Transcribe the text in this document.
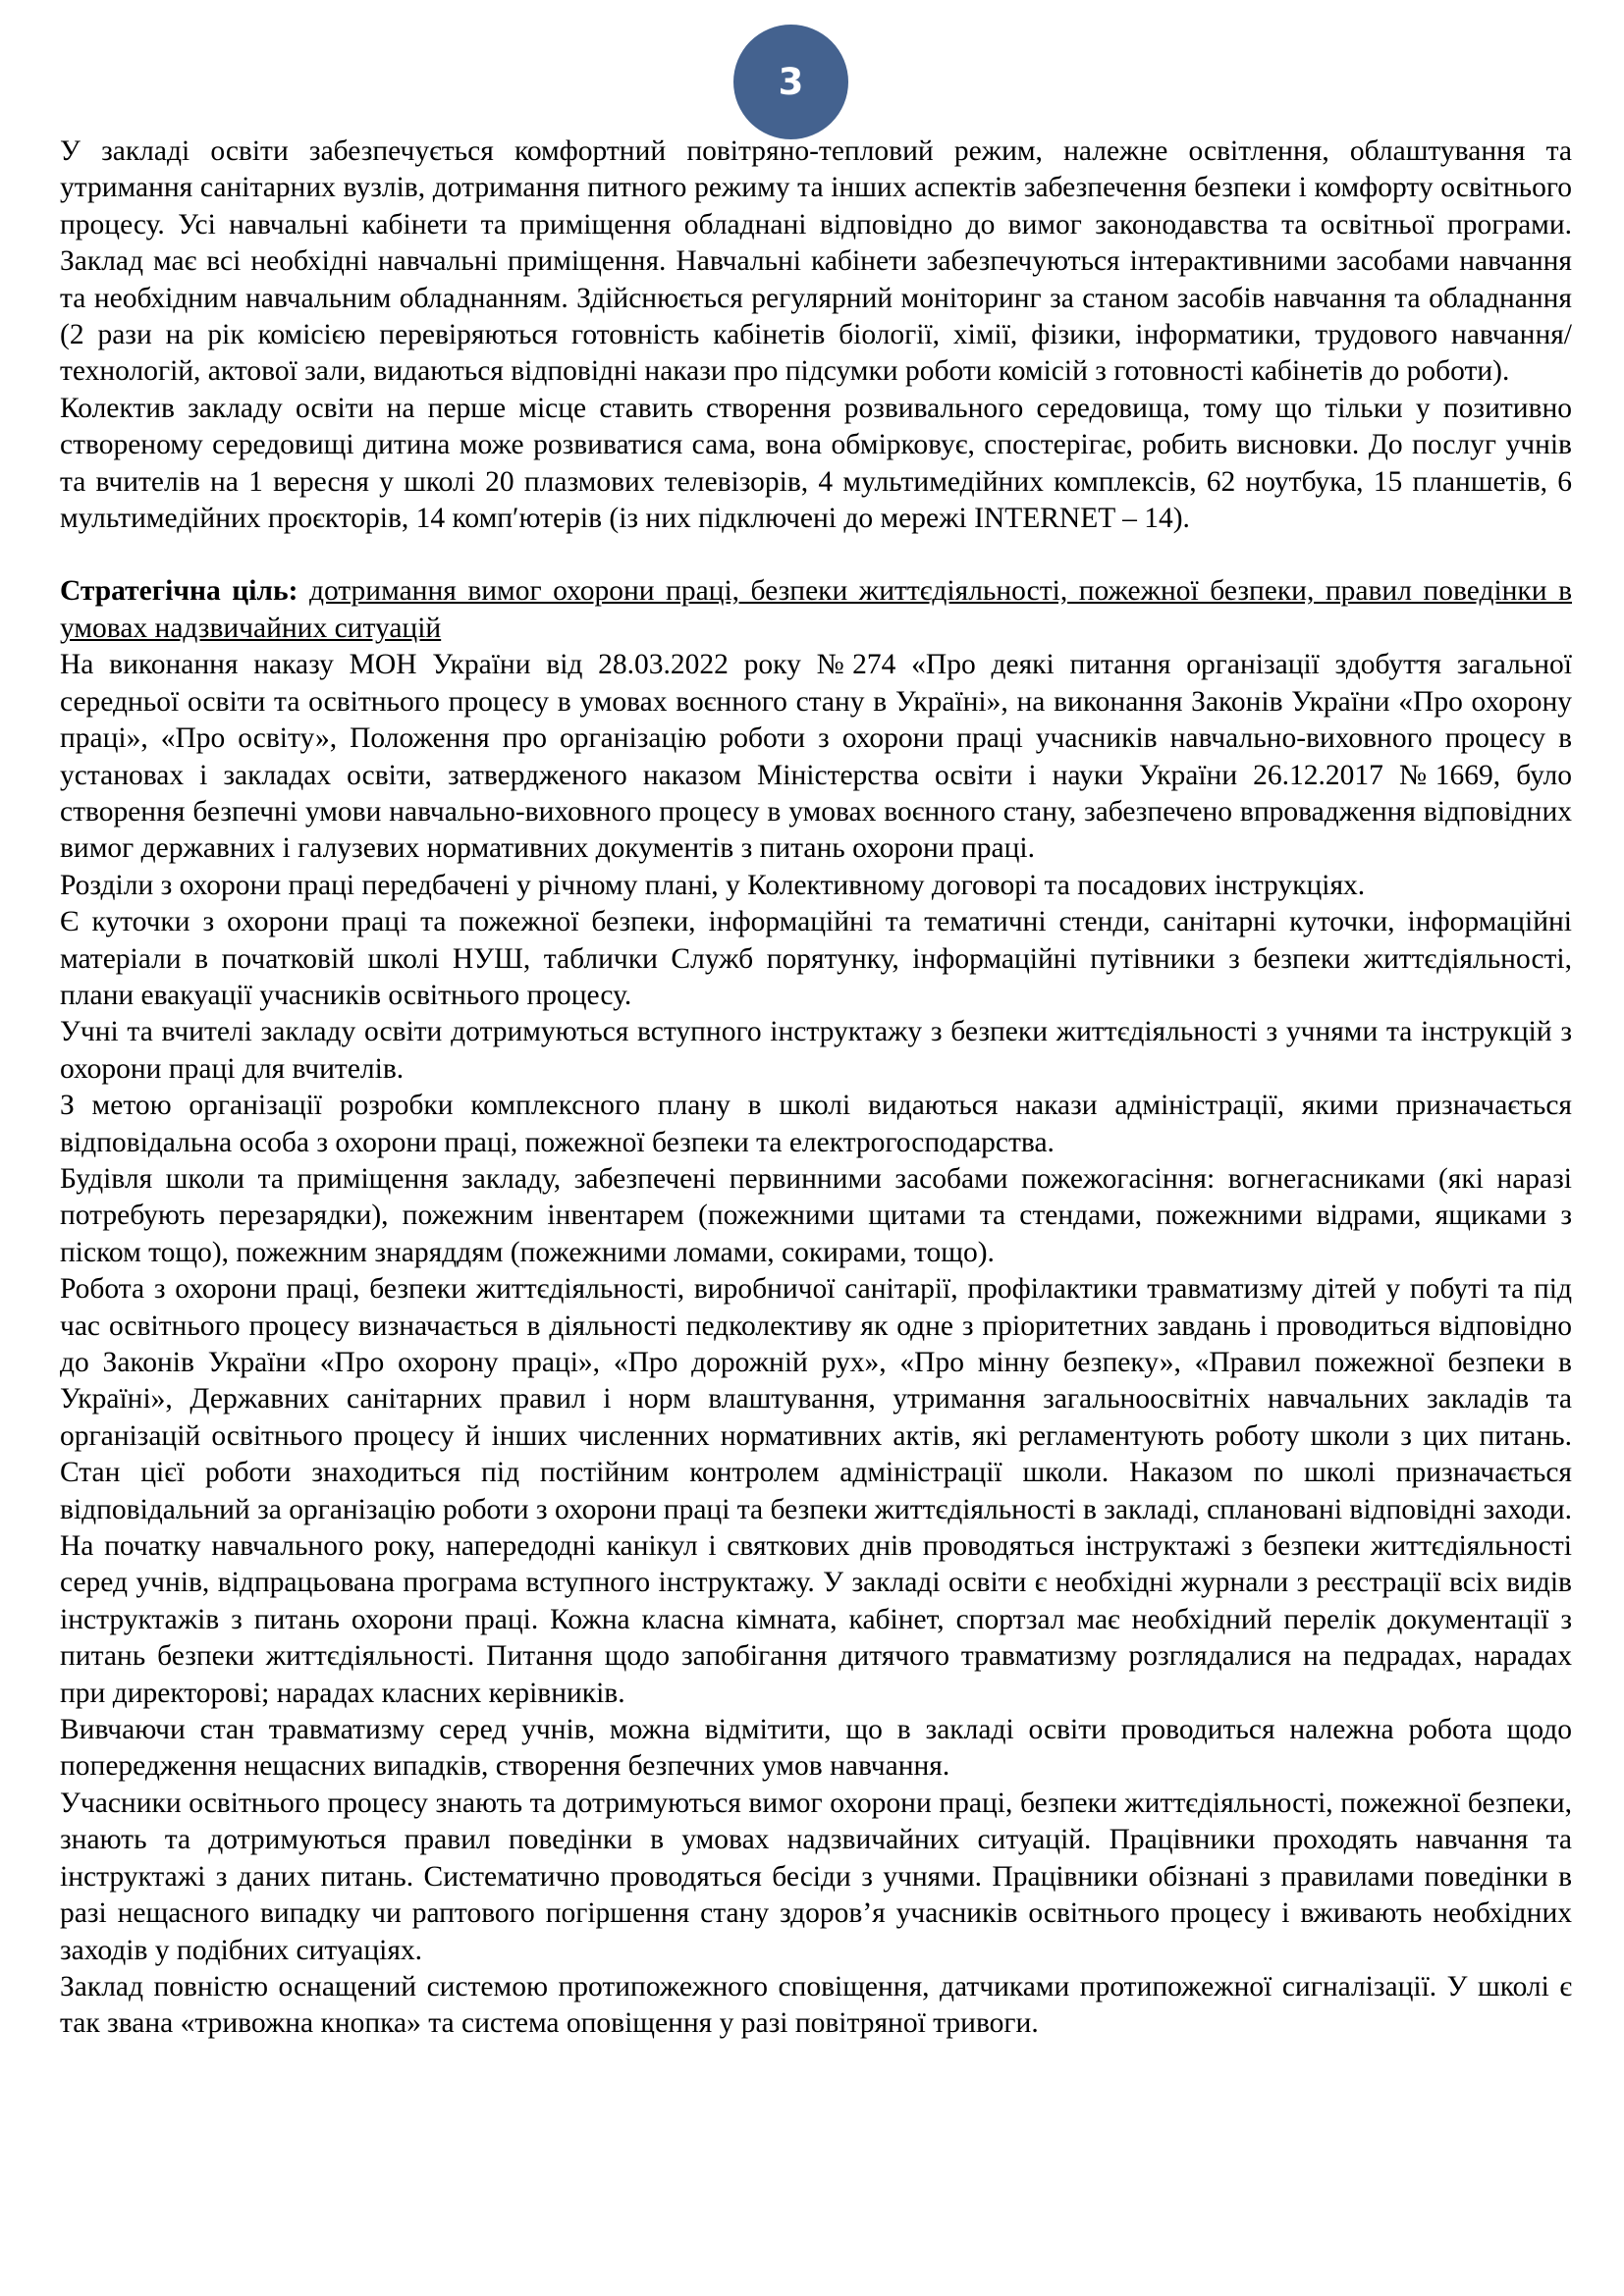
3

У закладі освіти забезпечується комфортний повітряно-тепловий режим, належне освітлення, облаштування та утримання санітарних вузлів, дотримання питного режиму та інших аспектів забезпечення безпеки і комфорту освітнього процесу. Усі навчальні кабінети та приміщення обладнані відповідно до вимог законодавства та освітньої програми. Заклад має всі необхідні навчальні приміщення. Навчальні кабінети забезпечуються інтерактивними засобами навчання та необхідним навчальним обладнанням. Здійснюється регулярний моніторинг за станом засобів навчання та обладнання (2 рази на рік комісією перевіряються готовність кабінетів біології, хімії, фізики, інформатики, трудового навчання/технологій, актової зали, видаються відповідні накази про підсумки роботи комісій з готовності кабінетів до роботи).

Колектив закладу освіти на перше місце ставить створення розвивального середовища, тому що тільки у позитивно створеному середовищі дитина може розвиватися сама, вона обмірковує, спостерігає, робить висновки. До послуг учнів та вчителів на 1 вересня у школі 20 плазмових телевізорів, 4 мультимедійних комплексів, 62 ноутбука, 15 планшетів, 6 мультимедійних проєкторів, 14 комп′ютерів (із них підключені до мережі INTERNET – 14).

Стратегічна ціль: дотримання вимог охорони праці, безпеки життєдіяльності, пожежної безпеки, правил поведінки в умовах надзвичайних ситуацій

На виконання наказу МОН України від 28.03.2022 року №274 «Про деякі питання організації здобуття загальної середньої освіти та освітнього процесу в умовах воєнного стану в Україні», на виконання Законів України «Про охорону праці», «Про освіту», Положення про організацію роботи з охорони праці учасників навчально-виховного процесу в установах і закладах освіти, затвердженого наказом Міністерства освіти і науки України 26.12.2017 №1669, було створення безпечні умови навчально-виховного процесу в умовах воєнного стану, забезпечено впровадження відповідних вимог державних і галузевих нормативних документів з питань охорони праці.

Розділи з охорони праці передбачені у річному плані, у Колективному договорі та посадових інструкціях.

Є куточки з охорони праці та пожежної безпеки, інформаційні та тематичні стенди, санітарні куточки, інформаційні матеріали в початковій школі НУШ, таблички Служб порятунку, інформаційні путівники з безпеки життєдіяльності, плани евакуації учасників освітнього процесу.

Учні та вчителі закладу освіти дотримуються вступного інструктажу з безпеки життєдіяльності з учнями та інструкцій з охорони праці для вчителів.

З метою організації розробки комплексного плану в школі видаються накази адміністрації, якими призначається відповідальна особа з охорони праці, пожежної безпеки та електрогосподарства.

Будівля школи та приміщення закладу, забезпечені первинними засобами пожежогасіння: вогнегасниками (які наразі потребують перезарядки), пожежним інвентарем (пожежними щитами та стендами, пожежними відрами, ящиками з піском тощо), пожежним знаряддям (пожежними ломами, сокирами, тощо).

Робота з охорони праці, безпеки життєдіяльності, виробничої санітарії, профілактики травматизму дітей у побуті та під час освітнього процесу визначається в діяльності педколективу як одне з пріоритетних завдань і проводиться відповідно до Законів України «Про охорону праці», «Про дорожній рух», «Про мінну безпеку», «Правил пожежної безпеки в Україні», Державних санітарних правил і норм влаштування, утримання загальноосвітніх навчальних закладів та організацій освітнього процесу й інших численних нормативних актів, які регламентують роботу школи з цих питань. Стан цієї роботи знаходиться під постійним контролем адміністрації школи. Наказом по школі призначається відповідальний за організацію роботи з охорони праці та безпеки життєдіяльності в закладі, сплановані відповідні заходи.

На початку навчального року, напередодні канікул і святкових днів проводяться інструктажі з безпеки життєдіяльності серед учнів, відпрацьована програма вступного інструктажу. У закладі освіти є необхідні журнали з реєстрації всіх видів інструктажів з питань охорони праці. Кожна класна кімната, кабінет, спортзал має необхідний перелік документації з питань безпеки життєдіяльності. Питання щодо запобігання дитячого травматизму розглядалися на педрадах, нарадах при директорові; нарадах класних керівників.

Вивчаючи стан травматизму серед учнів, можна відмітити, що в закладі освіти проводиться належна робота щодо попередження нещасних випадків, створення безпечних умов навчання.

Учасники освітнього процесу знають та дотримуються вимог охорони праці, безпеки життєдіяльності, пожежної безпеки, знають та дотримуються правил поведінки в умовах надзвичайних ситуацій. Працівники проходять навчання та інструктажі з даних питань. Систематично проводяться бесіди з учнями. Працівники обізнані з правилами поведінки в разі нещасного випадку чи раптового погіршення стану здоров’я учасників освітнього процесу і вживають необхідних заходів у подібних ситуаціях.

Заклад повністю оснащений системою протипожежного сповіщення, датчиками протипожежної сигналізації. У школі є так звана «тривожна кнопка» та система оповіщення у разі повітряної тривоги.
